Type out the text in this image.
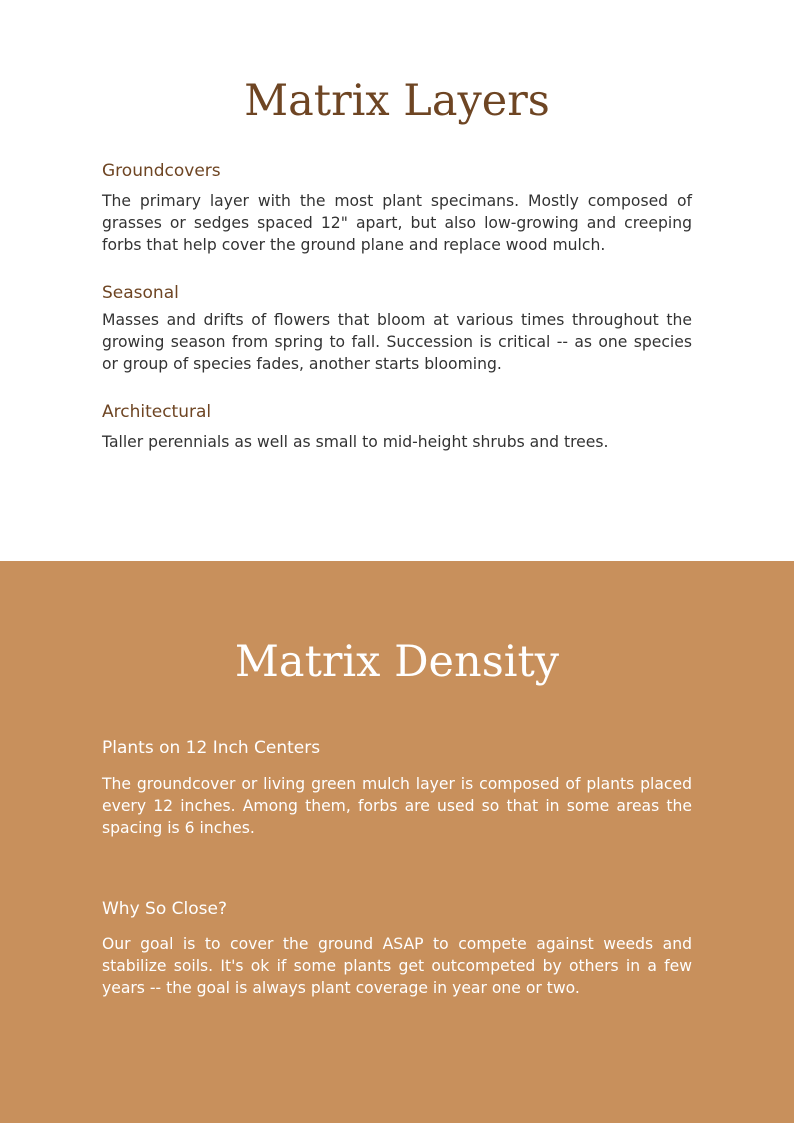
Matrix Layers
Groundcovers

The primary layer with the most plant specimans. Mostly composed of grasses or sedges spaced 12" apart, but also low-growing and creeping forbs that help cover the ground plane and replace wood mulch.

Seasonal

Masses and drifts of flowers that bloom at various times throughout the growing season from spring to fall. Succession is critical -- as one species or group of species fades, another starts blooming.

Architectural

Taller perennials as well as small to mid-height shrubs and trees.

Matrix Density
Plants on 12 Inch Centers

The groundcover or living green mulch layer is composed of plants placed every 12 inches. Among them, forbs are used so that in some areas the spacing is 6 inches.

Why So Close?

Our goal is to cover the ground ASAP to compete against weeds and stabilize soils. It's ok if some plants get outcompeted by others in a few years -- the goal is always plant coverage in year one or two.
